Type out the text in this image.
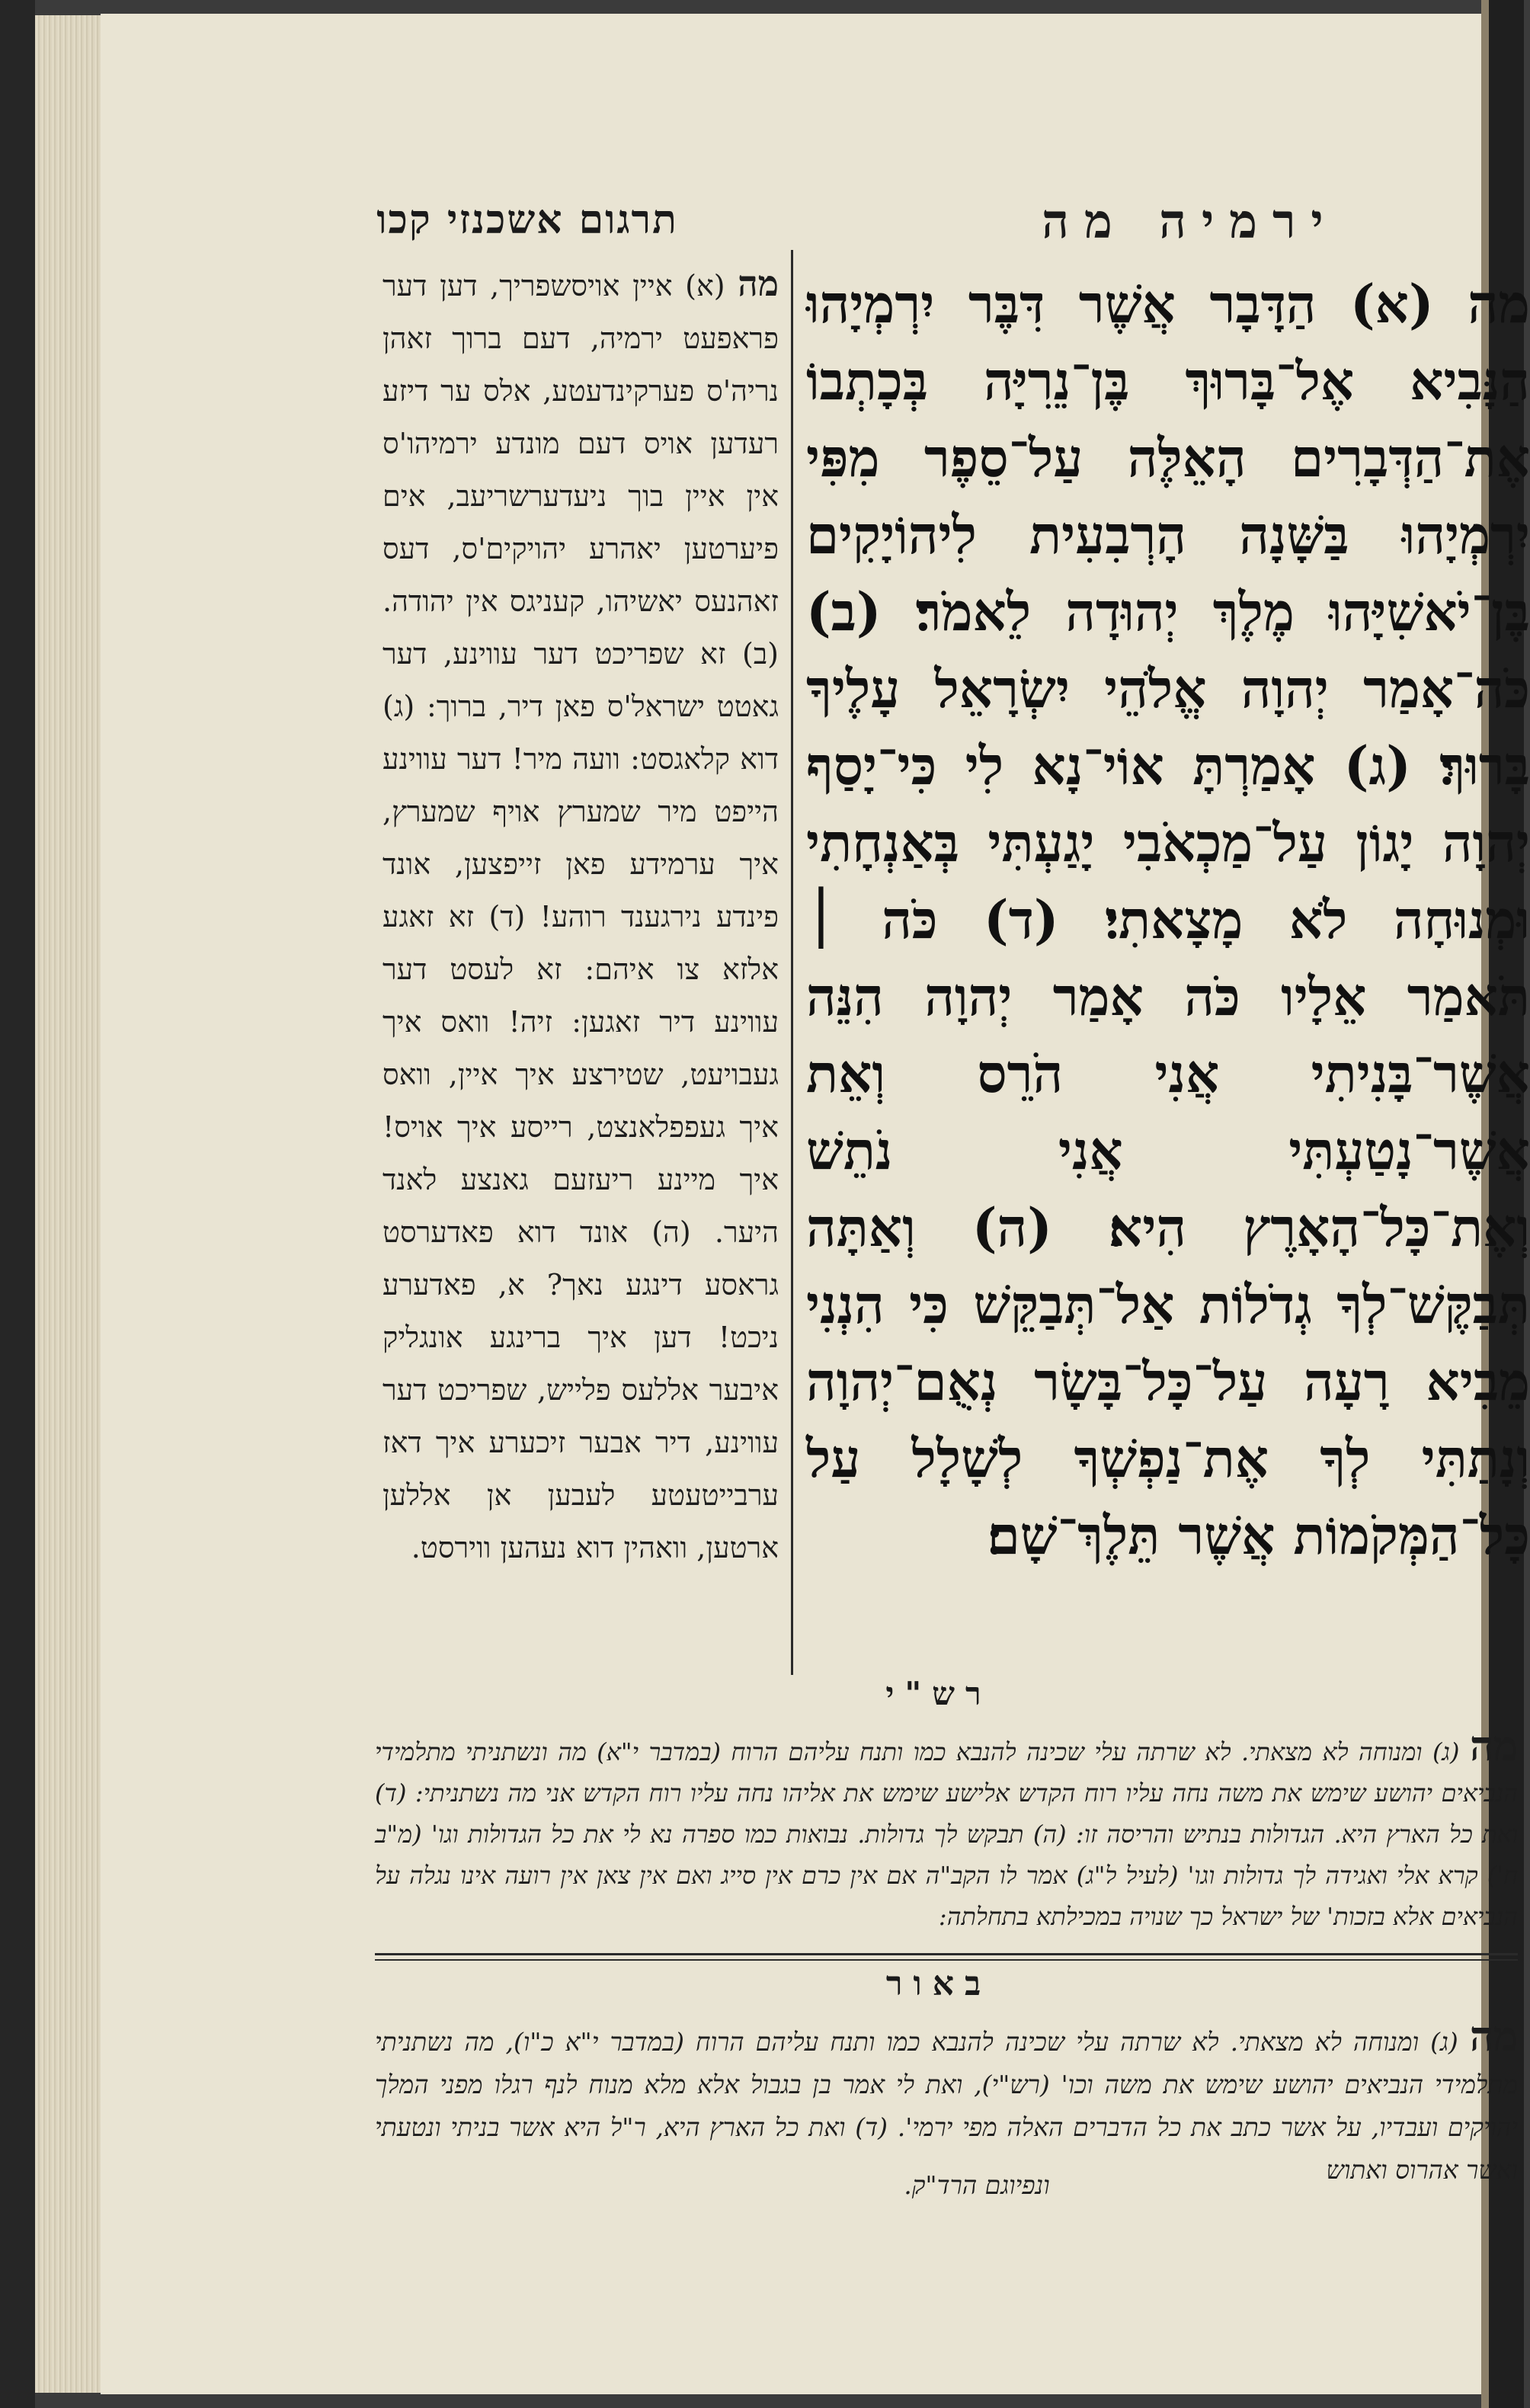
תרגום אשכנזי קכו	ירמיה מה
מה (א) איין אויסשפריך, דען דער פראפעט ירמיה, דעם ברוך זאהן נריה'ס פערקינדעטע, אלס ער דיזע רעדען אויס דעם מונדע ירמיהו'ס אין איין בוך ניעדערשריעב, אים פיערטען יאהרע יהויקים'ס, דעס זאהנעס יאשיהו, קעניגס אין יהודה. (ב) זא שפריכט דער עווינע, דער גאטט ישראל'ס פאן דיר, ברוך: (ג) דוא קלאגסט: וועה מיר! דער עווינע הייפט מיר שמערץ אויף שמערץ, איך ערמידע פאן זייפצען, אונד פינדע נירגענד רוהע! (ד) זא זאגע אלזא צו איהם: זא לעסט דער עווינע דיר זאגען: זיה! וואס איך געבויעט, שטירצע איך איין, וואס איך געפפלאנצט, רייסע איך אויס! איך מיינע ריעזעם גאנצע לאנד היער. (ה) אונד דוא פאדערסט גראסע דינגע נאך? א, פאדערע ניכט! דען איך ברינגע אונגליק איבער אללעס פלייש, שפריכט דער עווינע, דיר אבער זיכערע איך דאז ערבייטעטע לעבען אן אללען ארטען, וואהין דוא נעהען ווירסט.
מה (א) הַדָּבָר אֲשֶׁר דִּבֶּר יִרְמְיָהוּ הַנָּבִיא אֶל־בָּרוּךְ בֶּן־נֵרִיָּה בְּכָתְבוֹ אֶת־הַדְּבָרִים הָאֵלֶּה עַל־סֵפֶר מִפִּי יִרְמְיָהוּ בַּשָּׁנָה הָרְבִעִית לִיהוֹיָקִים בֶּן־יֹאשִׁיָּהוּ מֶלֶךְ יְהוּדָה לֵאמֹר׃ (ב) כֹּה־אָמַר יְהוָה אֱלֹהֵי יִשְׂרָאֵל עָלֶיךָ בָּרוּךְ׃ (ג) אָמַרְתָּ אוֹי־נָא לִי כִּי־יָסַף יְהוָה יָגוֹן עַל־מַכְאֹבִי יָגַעְתִּי בְּאַנְחָתִי וּמְנוּחָה לֹא מָצָאתִי׃ (ד) כֹּה ׀ תֹּאמַר אֵלָיו כֹּה אָמַר יְהוָה הִנֵּה אֲשֶׁר־בָּנִיתִי אֲנִי הֹרֵס וְאֵת אֲשֶׁר־נָטַעְתִּי אֲנִי נֹתֵשׁ וְאֶת־כָּל־הָאָרֶץ הִיא׃ (ה) וְאַתָּה תְּבַקֶּשׁ־לְךָ גְדֹלוֹת אַל־תְּבַקֵּשׁ כִּי הִנְנִי מֵבִיא רָעָה עַל־כָּל־בָּשָׂר נְאֻם־יְהוָה וְנָתַתִּי לְךָ אֶת־נַפְשְׁךָ לְשָׁלָל עַל כָּל־הַמְּקֹמוֹת אֲשֶׁר תֵּלֶךְ־שָׁם׃
רש"י
מה (ג) ומנוחה לא מצאתי. לא שרתה עלי שכינה להנבא כמו ותנח עליהם הרוח (במדבר י"א) מה ונשתניתי מתלמידי הנביאים יהושע שימש את משה נחה עליו רוח הקדש אלישע שימש את אליהו נחה עליו רוח הקדש אני מה נשתניתי: (ד) ואת כל הארץ היא. הגדולות בנתיש והריסה זו: (ה) תבקש לך גדולות. נבואות כמו ספרה נא לי את כל הגדולות וגו' (מ"ב ח') קרא אלי ואגידה לך גדולות וגו' (לעיל ל"ג) אמר לו הקב"ה אם אין כרם אין סייג ואם אין צאן אין רועה אינו נגלה על הנביאים אלא בזכות' של ישראל כך שנויה במכילתא בתחלתה:
באור
מה (ג) ומנוחה לא מצאתי. לא שרתה עלי שכינה להנבא כמו ותנח עליהם הרוח (במדבר י"א כ"ו), מה נשתניתי מתלמידי הנביאים יהושע שימש את משה וכו' (רש"י), ואת לי אמר בן בגבול אלא מלא מנוח לנף רגלו מפני המלך יהויקים ועבדיו, על אשר כתב את כל הדברים האלה מפי ירמי'. (ד) ואת כל הארץ היא, ר"ל היא אשר בניתי ונטעתי ואשר אהרוס ואתוש
ונפיוגם הרד"ק.
